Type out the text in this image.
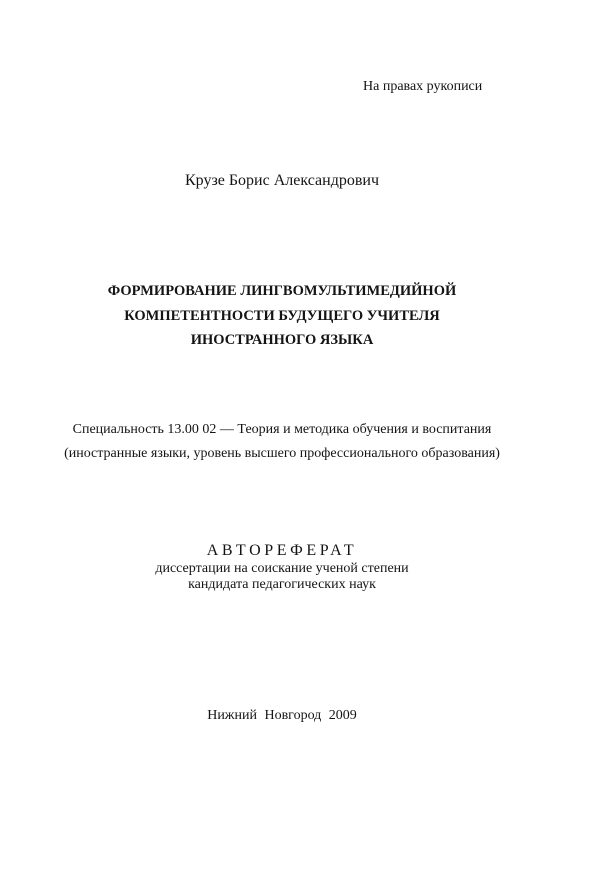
На правах рукописи
Крузе Борис Александрович
ФОРМИРОВАНИЕ ЛИНГВОМУЛЬТИМЕДИЙНОЙ
КОМПЕТЕНТНОСТИ БУДУЩЕГО УЧИТЕЛЯ
ИНОСТРАННОГО ЯЗЫКА
Специальность 13.00 02 — Теория и методика обучения и воспитания
(иностранные языки, уровень высшего профессионального образования)
АВТОРЕФЕРАТ
диссертации на соискание ученой степени
кандидата педагогических наук
Нижний Новгород 2009
